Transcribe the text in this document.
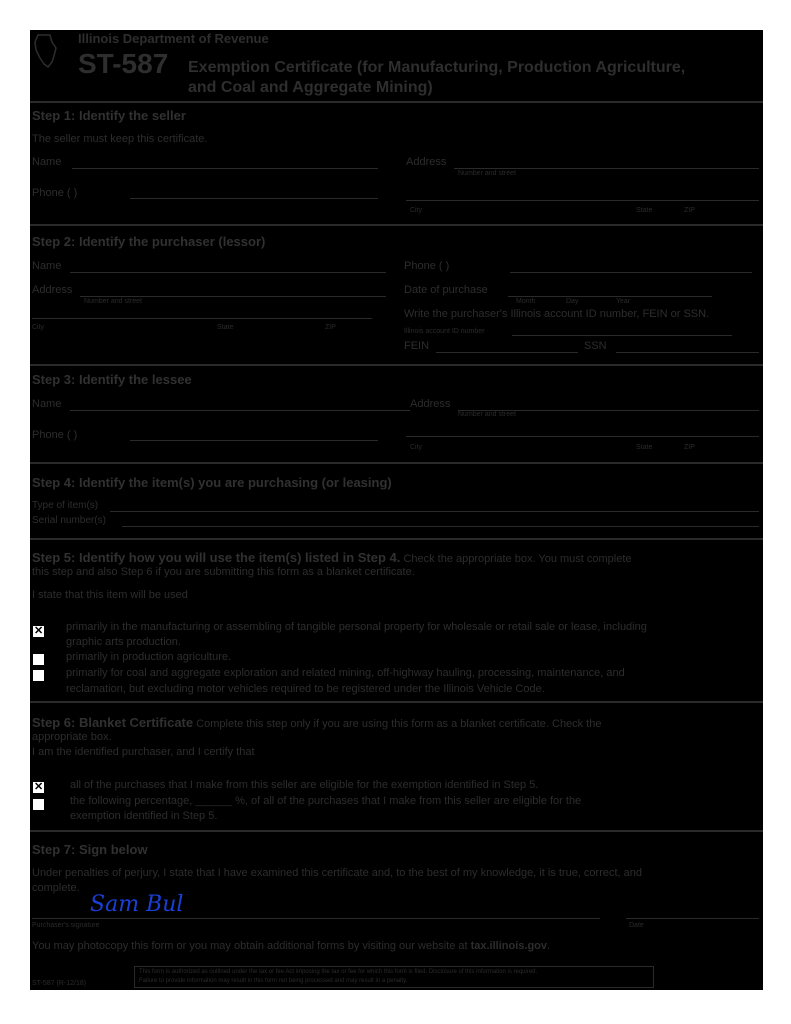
Illinois Department of Revenue
ST-587 Exemption Certificate (for Manufacturing, Production Agriculture,
and Coal and Aggregate Mining)
Step 1: Identify the seller
The seller must keep this certificate.
Name
Phone ( )
Address
Number and street
City	State	ZIP
Step 2: Identify the purchaser (lessor)
Name
Address
Number and street
City	State	ZIP
Phone ( )
Date of purchase
Month	Day	Year
Write the purchaser's Illinois account ID number, FEIN or SSN.
Illinois account ID number
FEIN	SSN
Step 3: Identify the lessee
Name
Phone ( )
Address
Number and street
City	State	ZIP
Step 4: Identify the item(s) you are purchasing (or leasing)
Type of item(s)
Serial number(s)
Step 5: Identify how you will use the item(s) listed in Step 4. Check the appropriate box. You must complete
this step and also Step 6 if you are submitting this form as a blanket certificate.
I state that this item will be used
✕ primarily in the manufacturing or assembling of tangible personal property for wholesale or retail sale or lease, including
graphic arts production.
primarily in production agriculture.
primarily for coal and aggregate exploration and related mining, off-highway hauling, processing, maintenance, and
reclamation, but excluding motor vehicles required to be registered under the Illinois Vehicle Code.
Step 6: Blanket Certificate Complete this step only if you are using this form as a blanket certificate. Check the
appropriate box.
I am the identified purchaser, and I certify that
✕ all of the purchases that I make from this seller are eligible for the exemption identified in Step 5.
the following percentage, ______ %, of all of the purchases that I make from this seller are eligible for the
exemption identified in Step 5.
Step 7: Sign below
Under penalties of perjury, I state that I have examined this certificate and, to the best of my knowledge, it is true, correct, and
complete.
Sam Bul
Purchaser's signature	Date
You may photocopy this form or you may obtain additional forms by visiting our website at tax.illinois.gov.
ST-587 (R-12/18)
This form is authorized as outlined under the tax or fee Act imposing the tax or fee for which this form is filed. Disclosure of this information is required.
Failure to provide information may result in this form not being processed and may result in a penalty.
